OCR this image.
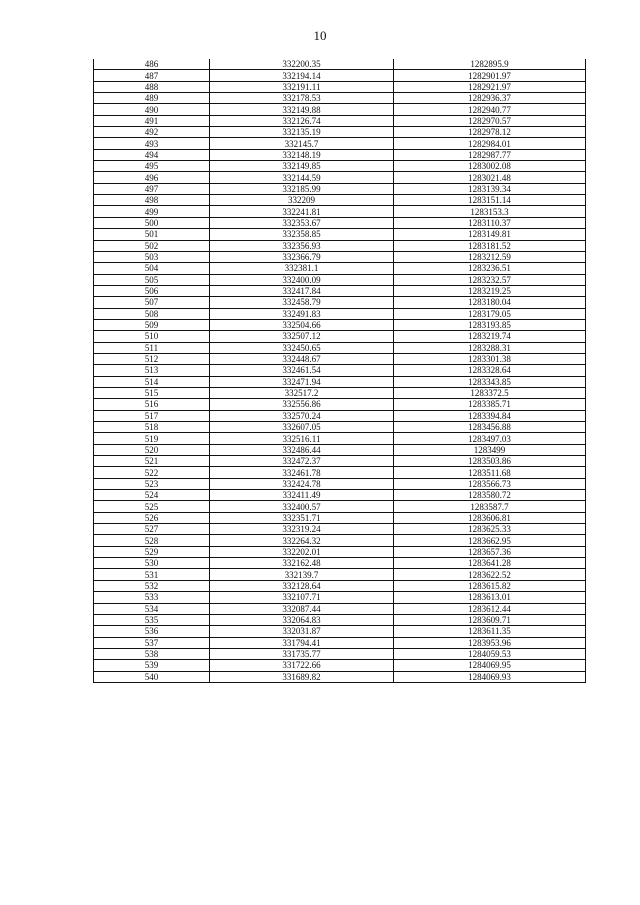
10
486	332200.35	1282895.9
487	332194.14	1282901.97
488	332191.11	1282921.97
489	332178.53	1282936.37
490	332149.88	1282940.77
491	332126.74	1282970.57
492	332135.19	1282978.12
493	332145.7	1282984.01
494	332148.19	1282987.77
495	332149.85	1283002.08
496	332144.59	1283021.48
497	332185.99	1283139.34
498	332209	1283151.14
499	332241.81	1283153.3
500	332353.67	1283110.37
501	332358.85	1283149.81
502	332356.93	1283181.52
503	332366.79	1283212.59
504	332381.1	1283236.51
505	332400.09	1283232.57
506	332417.84	1283219.25
507	332458.79	1283180.04
508	332491.83	1283179.05
509	332504.66	1283193.85
510	332507.12	1283219.74
511	332450.65	1283288.31
512	332448.67	1283301.38
513	332461.54	1283328.64
514	332471.94	1283343.85
515	332517.2	1283372.5
516	332556.86	1283385.71
517	332570.24	1283394.84
518	332607.05	1283456.88
519	332516.11	1283497.03
520	332486.44	1283499
521	332472.37	1283503.86
522	332461.78	1283511.68
523	332424.78	1283566.73
524	332411.49	1283580.72
525	332400.57	1283587.7
526	332351.71	1283606.81
527	332319.24	1283625.33
528	332264.32	1283662.95
529	332202.01	1283657.36
530	332162.48	1283641.28
531	332139.7	1283622.52
532	332128.64	1283615.82
533	332107.71	1283613.01
534	332087.44	1283612.44
535	332064.83	1283609.71
536	332031.87	1283611.35
537	331794.41	1283953.96
538	331735.77	1284059.53
539	331722.66	1284069.95
540	331689.82	1284069.93
